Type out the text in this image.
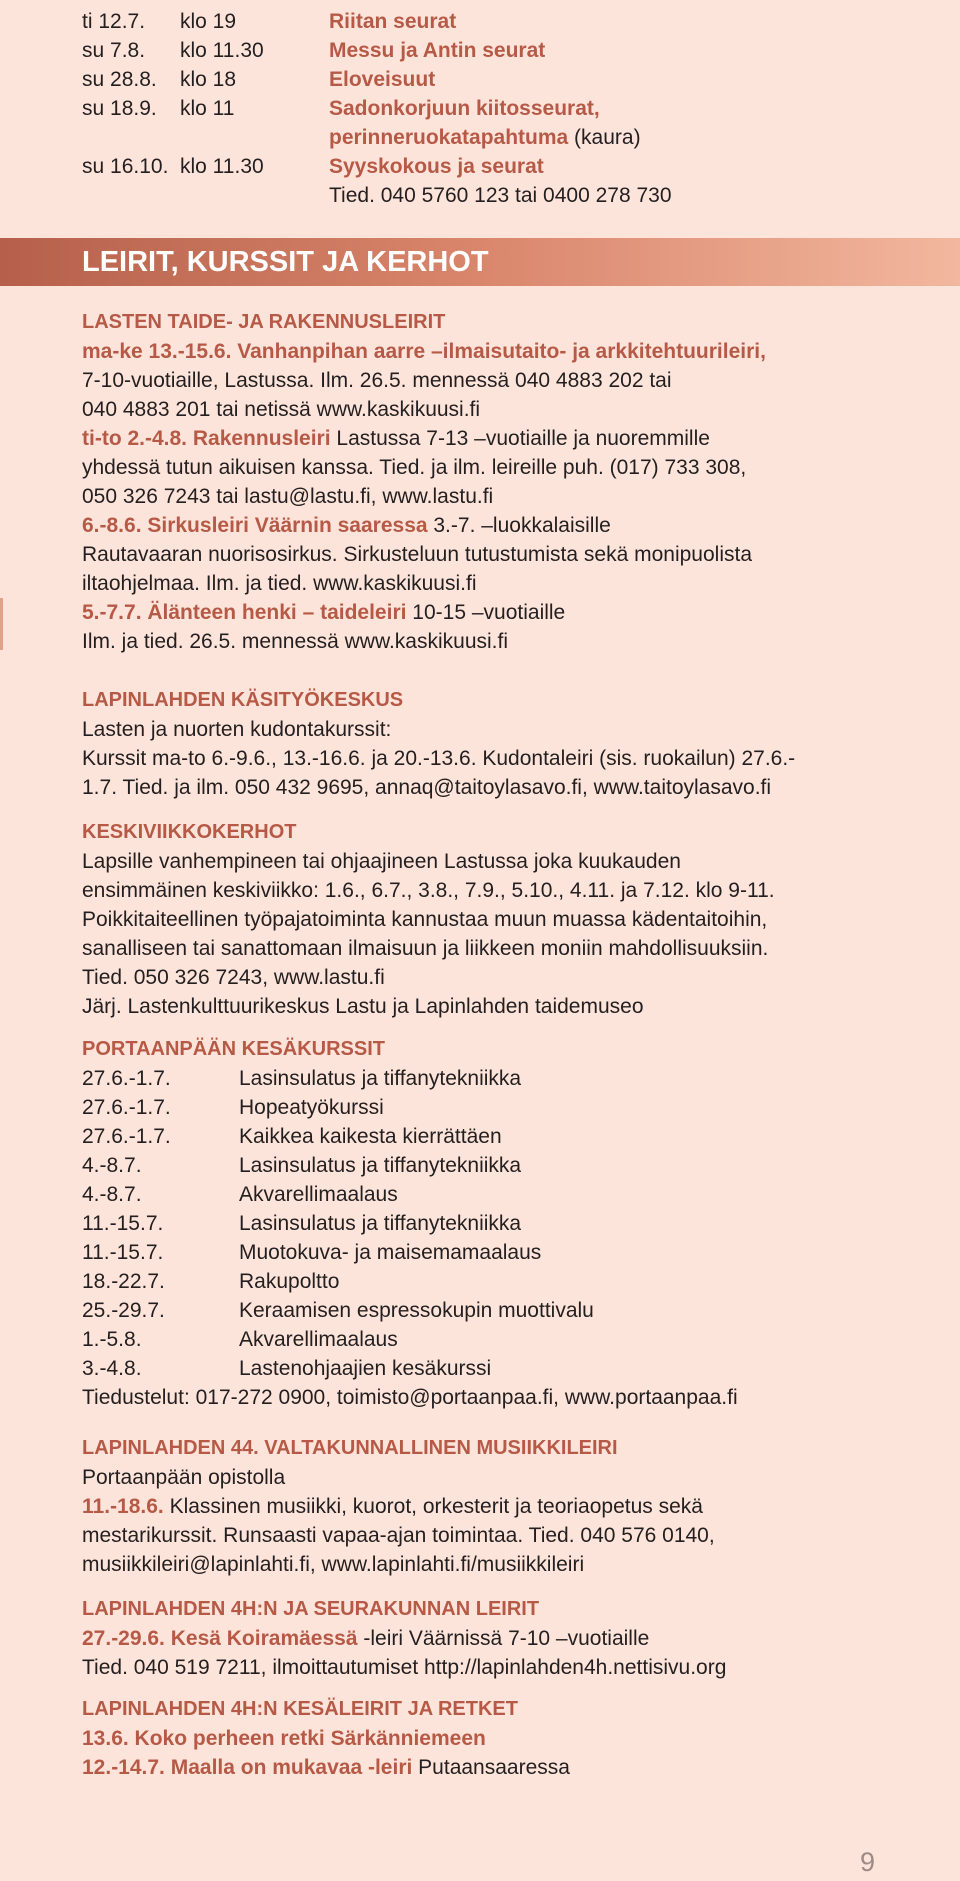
ti 12.7. klo 19	Riitan seurat
su 7.8. klo 11.30	Messu ja Antin seurat
su 28.8. klo 18	Eloveisuut
su 18.9. klo 11	Sadonkorjuun kiitosseurat,
perinneruokatapahtuma (kaura)
su 16.10. klo 11.30	Syyskokous ja seurat
Tied. 040 5760 123 tai 0400 278 730
LEIRIT, KURSSIT JA KERHOT
LASTEN TAIDE- JA RAKENNUSLEIRIT
ma-ke 13.-15.6. Vanhanpihan aarre –ilmaisutaito- ja arkkitehtuurileiri,
7-10-vuotiaille, Lastussa. Ilm. 26.5. mennessä 040 4883 202 tai
040 4883 201 tai netissä www.kaskikuusi.fi
ti-to 2.-4.8. Rakennusleiri Lastussa 7-13 –vuotiaille ja nuoremmille
yhdessä tutun aikuisen kanssa. Tied. ja ilm. leireille puh. (017) 733 308,
050 326 7243 tai lastu@lastu.fi, www.lastu.fi
6.-8.6. Sirkusleiri Väärnin saaressa 3.-7. –luokkalaisille
Rautavaaran nuorisosirkus. Sirkusteluun tutustumista sekä monipuolista
iltaohjelmaa. Ilm. ja tied. www.kaskikuusi.fi
5.-7.7. Älänteen henki – taideleiri 10-15 –vuotiaille
Ilm. ja tied. 26.5. mennessä www.kaskikuusi.fi
LAPINLAHDEN KÄSITYÖKESKUS
Lasten ja nuorten kudontakurssit:
Kurssit ma-to 6.-9.6., 13.-16.6. ja 20.-13.6. Kudontaleiri (sis. ruokailun) 27.6.-
1.7. Tied. ja ilm. 050 432 9695, annaq@taitoylasavo.fi, www.taitoylasavo.fi
KESKIVIIKKOKERHOT
Lapsille vanhempineen tai ohjaajineen Lastussa joka kuukauden
ensimmäinen keskiviikko: 1.6., 6.7., 3.8., 7.9., 5.10., 4.11. ja 7.12. klo 9-11.
Poikkitaiteellinen työpajatoiminta kannustaa muun muassa kädentaitoihin,
sanalliseen tai sanattomaan ilmaisuun ja liikkeen moniin mahdollisuuksiin.
Tied. 050 326 7243, www.lastu.fi
Järj. Lastenkulttuurikeskus Lastu ja Lapinlahden taidemuseo
PORTAANPÄÄN KESÄKURSSIT
27.6.-1.7.	Lasinsulatus ja tiffanytekniikka
27.6.-1.7.	Hopeatyökurssi
27.6.-1.7.	Kaikkea kaikesta kierrättäen
4.-8.7.	Lasinsulatus ja tiffanytekniikka
4.-8.7.	Akvarellimaalaus
11.-15.7.	Lasinsulatus ja tiffanytekniikka
11.-15.7.	Muotokuva- ja maisemamaalaus
18.-22.7.	Rakupoltto
25.-29.7.	Keraamisen espressokupin muottivalu
1.-5.8.	Akvarellimaalaus
3.-4.8.	Lastenohjaajien kesäkurssi
Tiedustelut: 017-272 0900, toimisto@portaanpaa.fi, www.portaanpaa.fi
LAPINLAHDEN 44. VALTAKUNNALLINEN MUSIIKKILEIRI
Portaanpään opistolla
11.-18.6. Klassinen musiikki, kuorot, orkesterit ja teoriaopetus sekä
mestarikurssit. Runsaasti vapaa-ajan toimintaa. Tied. 040 576 0140,
musiikkileiri@lapinlahti.fi, www.lapinlahti.fi/musiikkileiri
LAPINLAHDEN 4H:N JA SEURAKUNNAN LEIRIT
27.-29.6. Kesä Koiramäessä -leiri Väärnissä 7-10 –vuotiaille
Tied. 040 519 7211, ilmoittautumiset http://lapinlahden4h.nettisivu.org
LAPINLAHDEN 4H:N KESÄLEIRIT JA RETKET
13.6. Koko perheen retki Särkänniemeen
12.-14.7. Maalla on mukavaa -leiri Putaansaaressa
9
